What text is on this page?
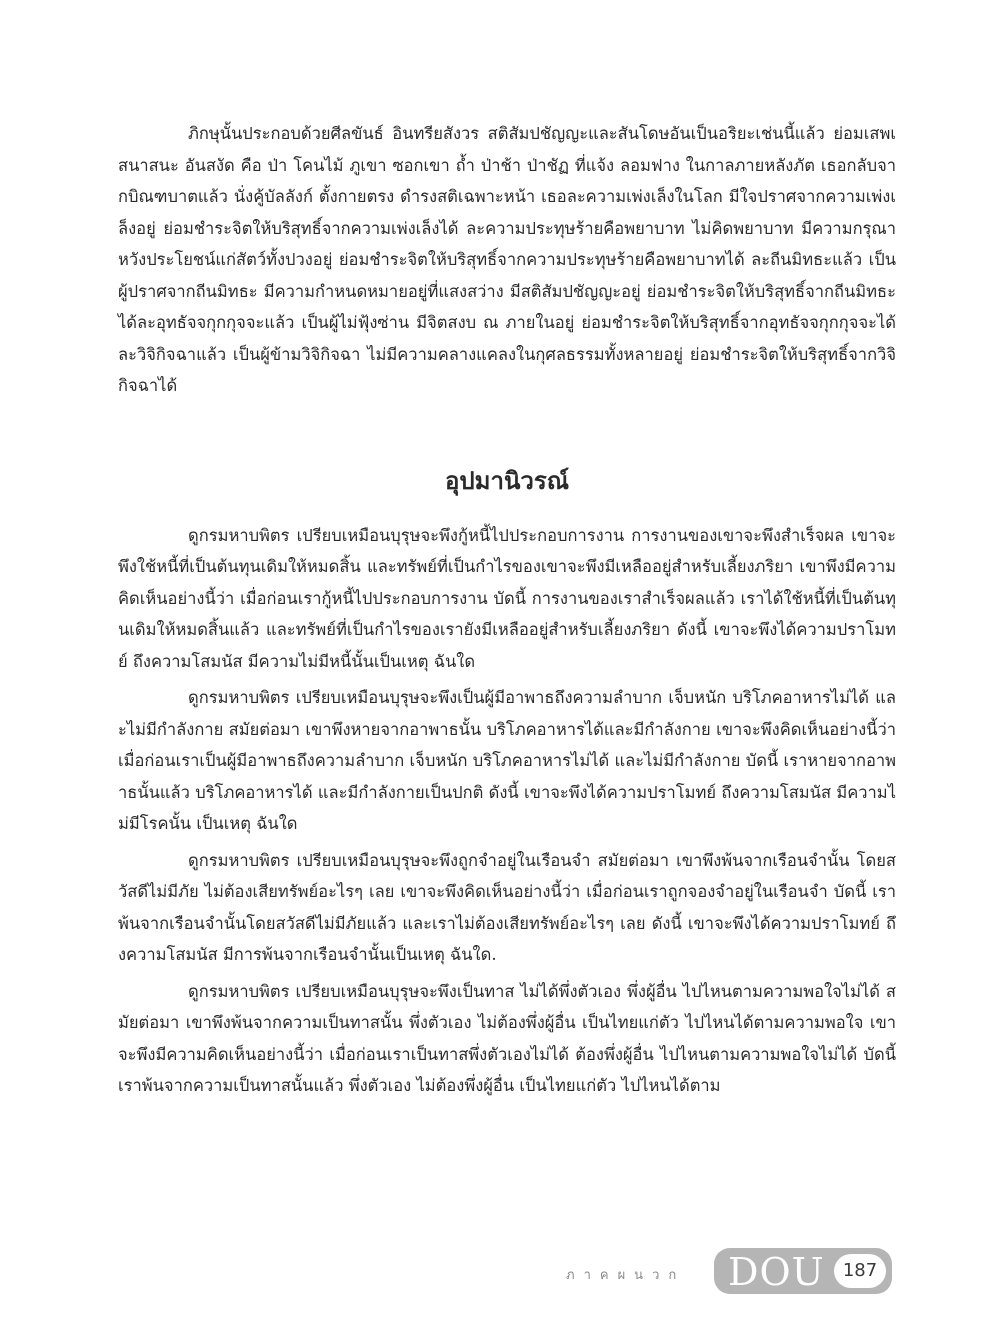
ภิกษุนั้นประกอบด้วยศีลขันธ์ อินทรียสังวร สติสัมปชัญญะและสันโดษอันเป็นอริยะเช่นนี้แล้ว ย่อมเสพเสนาสนะ อันสงัด คือ ป่า โคนไม้ ภูเขา ซอกเขา ถ้ำ ป่าช้า ป่าชัฏ ที่แจ้ง ลอมฟาง ในกาลภายหลังภัต เธอกลับจากบิณฑบาตแล้ว นั่งคู้บัลลังก์ ตั้งกายตรง ดำรงสติเฉพาะหน้า เธอละความเพ่งเล็งในโลก มีใจปราศจากความเพ่งเล็งอยู่ ย่อมชำระจิตให้บริสุทธิ์จากความเพ่งเล็งได้ ละความประทุษร้ายคือพยาบาท ไม่คิดพยาบาท มีความกรุณาหวังประโยชน์แก่สัตว์ทั้งปวงอยู่ ย่อมชำระจิตให้บริสุทธิ์จากความประทุษร้ายคือพยาบาทได้ ละถีนมิทธะแล้ว เป็นผู้ปราศจากถีนมิทธะ มีความกำหนดหมายอยู่ที่แสงสว่าง มีสติสัมปชัญญะอยู่ ย่อมชำระจิตให้บริสุทธิ์จากถีนมิทธะได้ละอุทธัจจกุกกุจจะแล้ว เป็นผู้ไม่ฟุ้งซ่าน มีจิตสงบ ณ ภายในอยู่ ย่อมชำระจิตให้บริสุทธิ์จากอุทธัจจกุกกุจจะได้ ละวิจิกิจฉาแล้ว เป็นผู้ข้ามวิจิกิจฉา ไม่มีความคลางแคลงในกุศลธรรมทั้งหลายอยู่ ย่อมชำระจิตให้บริสุทธิ์จากวิจิกิจฉาได้

อุปมานิวรณ์

ดูกรมหาบพิตร เปรียบเหมือนบุรุษจะพึงกู้หนี้ไปประกอบการงาน การงานของเขาจะพึงสำเร็จผล เขาจะพึงใช้หนี้ที่เป็นต้นทุนเดิมให้หมดสิ้น และทรัพย์ที่เป็นกำไรของเขาจะพึงมีเหลืออยู่สำหรับเลี้ยงภริยา เขาพึงมีความคิดเห็นอย่างนี้ว่า เมื่อก่อนเรากู้หนี้ไปประกอบการงาน บัดนี้ การงานของเราสำเร็จผลแล้ว เราได้ใช้หนี้ที่เป็นต้นทุนเดิมให้หมดสิ้นแล้ว และทรัพย์ที่เป็นกำไรของเรายังมีเหลืออยู่สำหรับเลี้ยงภริยา ดังนี้ เขาจะพึงได้ความปราโมทย์ ถึงความโสมนัส มีความไม่มีหนี้นั้นเป็นเหตุ ฉันใด

ดูกรมหาบพิตร เปรียบเหมือนบุรุษจะพึงเป็นผู้มีอาพาธถึงความลำบาก เจ็บหนัก บริโภคอาหารไม่ได้ และไม่มีกำลังกาย สมัยต่อมา เขาพึงหายจากอาพาธนั้น บริโภคอาหารได้และมีกำลังกาย เขาจะพึงคิดเห็นอย่างนี้ว่า เมื่อก่อนเราเป็นผู้มีอาพาธถึงความลำบาก เจ็บหนัก บริโภคอาหารไม่ได้ และไม่มีกำลังกาย บัดนี้ เราหายจากอาพาธนั้นแล้ว บริโภคอาหารได้ และมีกำลังกายเป็นปกติ ดังนี้ เขาจะพึงได้ความปราโมทย์ ถึงความโสมนัส มีความไม่มีโรคนั้น เป็นเหตุ ฉันใด

ดูกรมหาบพิตร เปรียบเหมือนบุรุษจะพึงถูกจำอยู่ในเรือนจำ สมัยต่อมา เขาพึงพ้นจากเรือนจำนั้น โดยสวัสดีไม่มีภัย ไม่ต้องเสียทรัพย์อะไรๆ เลย เขาจะพึงคิดเห็นอย่างนี้ว่า เมื่อก่อนเราถูกจองจำอยู่ในเรือนจำ บัดนี้ เราพ้นจากเรือนจำนั้นโดยสวัสดีไม่มีภัยแล้ว และเราไม่ต้องเสียทรัพย์อะไรๆ เลย ดังนี้ เขาจะพึงได้ความปราโมทย์ ถึงความโสมนัส มีการพ้นจากเรือนจำนั้นเป็นเหตุ ฉันใด.

ดูกรมหาบพิตร เปรียบเหมือนบุรุษจะพึงเป็นทาส ไม่ได้พึ่งตัวเอง พึ่งผู้อื่น ไปไหนตามความพอใจไม่ได้ สมัยต่อมา เขาพึงพ้นจากความเป็นทาสนั้น พึ่งตัวเอง ไม่ต้องพึ่งผู้อื่น เป็นไทยแก่ตัว ไปไหนได้ตามความพอใจ เขาจะพึงมีความคิดเห็นอย่างนี้ว่า เมื่อก่อนเราเป็นทาสพึ่งตัวเองไม่ได้ ต้องพึ่งผู้อื่น ไปไหนตามความพอใจไม่ได้ บัดนี้ เราพ้นจากความเป็นทาสนั้นแล้ว พึ่งตัวเอง ไม่ต้องพึ่งผู้อื่น เป็นไทยแก่ตัว ไปไหนได้ตาม

ภาคผนวก DOU	187
